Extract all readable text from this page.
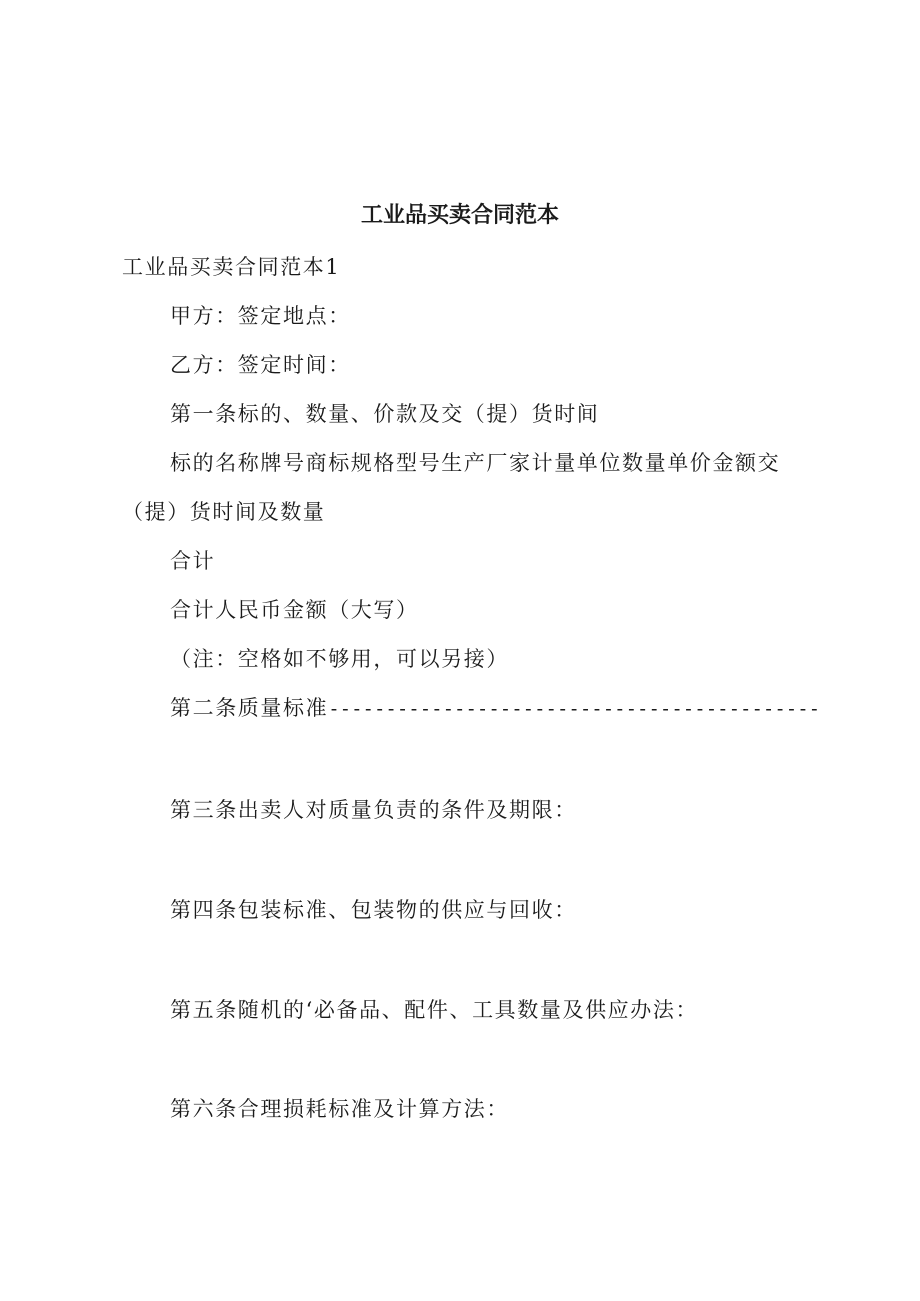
工业品买卖合同范本

工业品买卖合同范本1

甲方：签定地点：

乙方：签定时间：

第一条标的、数量、价款及交（提）货时间

标的名称牌号商标规格型号生产厂家计量单位数量单价金额交

（提）货时间及数量

合计

合计人民币金额（大写）

（注：空格如不够用，可以另接）

第二条质量标准-------------------------------------------

第三条出卖人对质量负责的条件及期限：

第四条包装标准、包装物的供应与回收：

第五条随机的‘必备品、配件、工具数量及供应办法：

第六条合理损耗标准及计算方法：
